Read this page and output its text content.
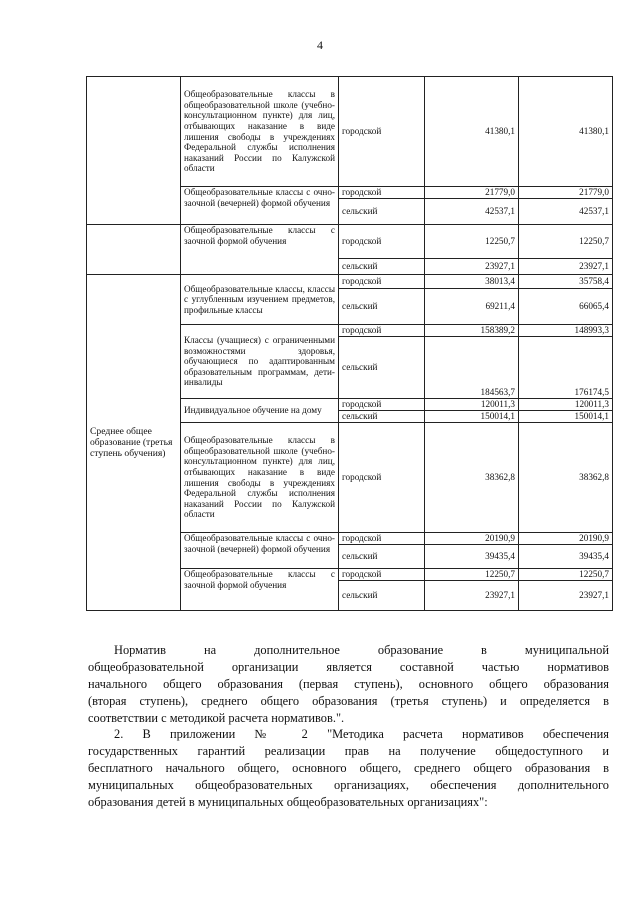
4
	Общеобразовательные классы в общеобразовательной школе (учебно-консультационном пункте) для лиц, отбывающих наказание в виде лишения свободы в учреждениях Федеральной службы исполнения наказаний России по Калужской области	городской	41380,1	41380,1
	Общеобразовательные классы с очно-заочной (вечерней) формой обучения	городской	21779,0	21779,0
		сельский	42537,1	42537,1
	Общеобразовательные классы с заочной формой обучения	городской	12250,7	12250,7
		сельский	23927,1	23927,1
Среднее общее образование (третья ступень обучения)	Общеобразовательные классы, классы с углубленным изучением предметов, профильные классы	городской	38013,4	35758,4
		сельский	69211,4	66065,4
	Классы (учащиеся) с ограниченными возможностями здоровья, обучающиеся по адаптированным образовательным программам, дети-инвалиды	городской	158389,2	148993,3
		сельский	184563,7	176174,5
	Индивидуальное обучение на дому	городской	120011,3	120011,3
		сельский	150014,1	150014,1
	Общеобразовательные классы в общеобразовательной школе (учебно-консультационном пункте) для лиц, отбывающих наказание в виде лишения свободы в учреждениях Федеральной службы исполнения наказаний России по Калужской области	городской	38362,8	38362,8
	Общеобразовательные классы с очно-заочной (вечерней) формой обучения	городской	20190,9	20190,9
		сельский	39435,4	39435,4
	Общеобразовательные классы с заочной формой обучения	городской	12250,7	12250,7
		сельский	23927,1	23927,1
Норматив на дополнительное образование в муниципальной
общеобразовательной организации является составной частью нормативов
начального общего образования (первая ступень), основного общего образования
(вторая ступень), среднего общего образования (третья ступень) и определяется в
соответствии с методикой расчета нормативов.".
2. В приложении № 2 "Методика расчета нормативов обеспечения
государственных гарантий реализации прав на получение общедоступного и
бесплатного начального общего, основного общего, среднего общего образования в
муниципальных общеобразовательных организациях, обеспечения дополнительного
образования детей в муниципальных общеобразовательных организациях":
